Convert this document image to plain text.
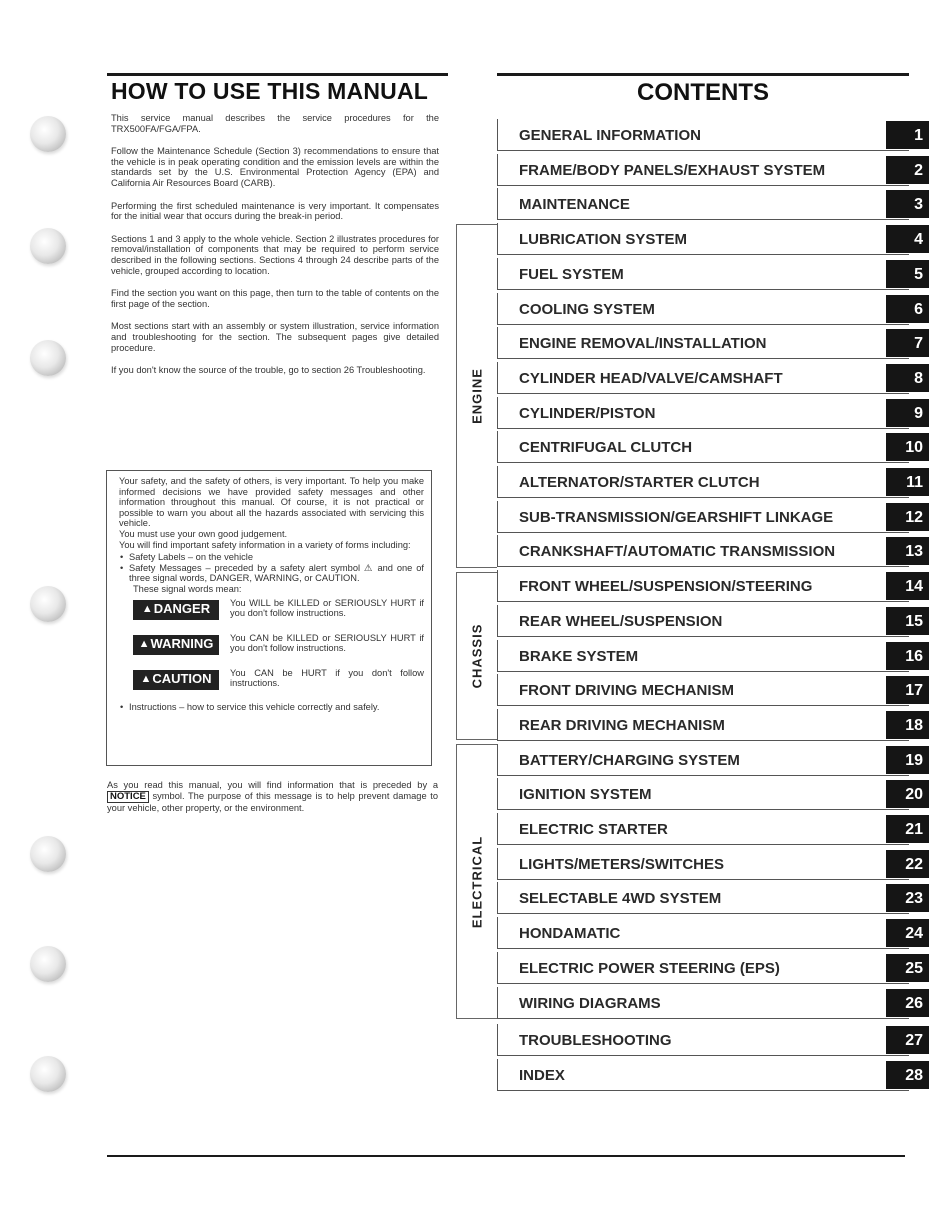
HOW TO USE THIS MANUAL

This service manual describes the service procedures for the TRX500FA/FGA/FPA.

Follow the Maintenance Schedule (Section 3) recommendations to ensure that the vehicle is in peak operating condition and the emission levels are within the standards set by the U.S. Environmental Protection Agency (EPA) and California Air Resources Board (CARB).

Performing the first scheduled maintenance is very important. It compensates for the initial wear that occurs during the break-in period.

Sections 1 and 3 apply to the whole vehicle. Section 2 illustrates procedures for removal/installation of components that may be required to perform service described in the following sections. Sections 4 through 24 describe parts of the vehicle, grouped according to location.

Find the section you want on this page, then turn to the table of contents on the first page of the section.

Most sections start with an assembly or system illustration, service information and troubleshooting for the section. The subsequent pages give detailed procedure.

If you don't know the source of the trouble, go to section 26 Troubleshooting.

Your safety, and the safety of others, is very important. To help you make informed decisions we have provided safety messages and other information throughout this manual. Of course, it is not practical or possible to warn you about all the hazards associated with servicing this vehicle.
You must use your own good judgement.
You will find important safety information in a variety of forms including:
• Safety Labels – on the vehicle
• Safety Messages – preceded by a safety alert symbol ⚠ and one of three signal words, DANGER, WARNING, or CAUTION.
These signal words mean:
▲ DANGER You WILL be KILLED or SERIOUSLY HURT if you don't follow instructions.
▲ WARNING You CAN be KILLED or SERIOUSLY HURT if you don't follow instructions.
▲ CAUTION You CAN be HURT if you don't follow instructions.
• Instructions – how to service this vehicle correctly and safely.
As you read this manual, you will find information that is preceded by a NOTICE symbol. The purpose of this message is to help prevent damage to your vehicle, other property, or the environment.
CONTENTS
ENGINE
CHASSIS
ELECTRICAL
GENERAL INFORMATION	1
FRAME/BODY PANELS/EXHAUST SYSTEM	2
MAINTENANCE	3
LUBRICATION SYSTEM	4
FUEL SYSTEM	5
COOLING SYSTEM	6
ENGINE REMOVAL/INSTALLATION	7
CYLINDER HEAD/VALVE/CAMSHAFT	8
CYLINDER/PISTON	9
CENTRIFUGAL CLUTCH	10
ALTERNATOR/STARTER CLUTCH	11
SUB-TRANSMISSION/GEARSHIFT LINKAGE	12
CRANKSHAFT/AUTOMATIC TRANSMISSION	13
FRONT WHEEL/SUSPENSION/STEERING	14
REAR WHEEL/SUSPENSION	15
BRAKE SYSTEM	16
FRONT DRIVING MECHANISM	17
REAR DRIVING MECHANISM	18
BATTERY/CHARGING SYSTEM	19
IGNITION SYSTEM	20
ELECTRIC STARTER	21
LIGHTS/METERS/SWITCHES	22
SELECTABLE 4WD SYSTEM	23
HONDAMATIC	24
ELECTRIC POWER STEERING (EPS)	25
WIRING DIAGRAMS	26
TROUBLESHOOTING	27
INDEX	28
